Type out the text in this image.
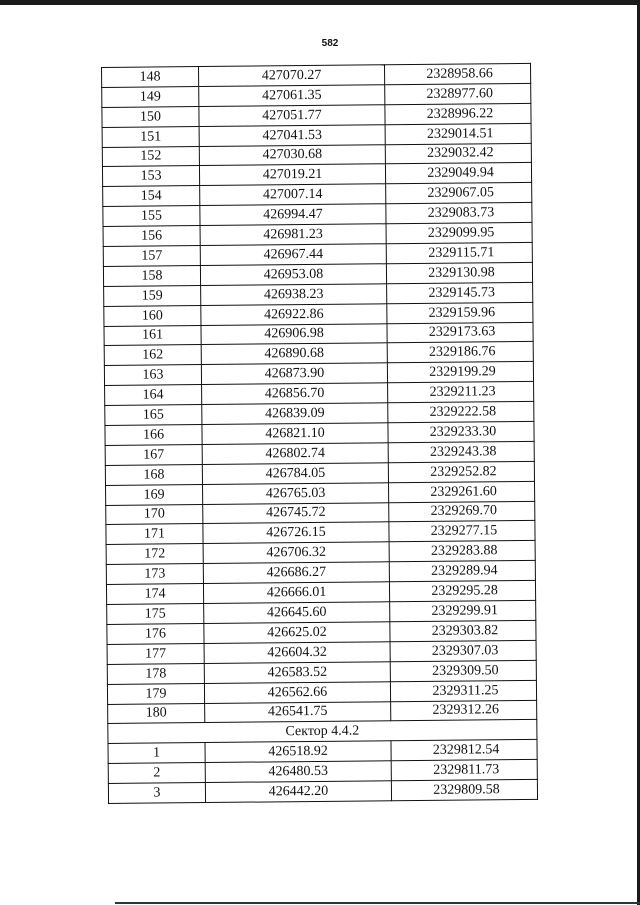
582
148	427070.27	2328958.66
149	427061.35	2328977.60
150	427051.77	2328996.22
151	427041.53	2329014.51
152	427030.68	2329032.42
153	427019.21	2329049.94
154	427007.14	2329067.05
155	426994.47	2329083.73
156	426981.23	2329099.95
157	426967.44	2329115.71
158	426953.08	2329130.98
159	426938.23	2329145.73
160	426922.86	2329159.96
161	426906.98	2329173.63
162	426890.68	2329186.76
163	426873.90	2329199.29
164	426856.70	2329211.23
165	426839.09	2329222.58
166	426821.10	2329233.30
167	426802.74	2329243.38
168	426784.05	2329252.82
169	426765.03	2329261.60
170	426745.72	2329269.70
171	426726.15	2329277.15
172	426706.32	2329283.88
173	426686.27	2329289.94
174	426666.01	2329295.28
175	426645.60	2329299.91
176	426625.02	2329303.82
177	426604.32	2329307.03
178	426583.52	2329309.50
179	426562.66	2329311.25
180	426541.75	2329312.26
Сектор 4.4.2		
1	426518.92	2329812.54
2	426480.53	2329811.73
3	426442.20	2329809.58
